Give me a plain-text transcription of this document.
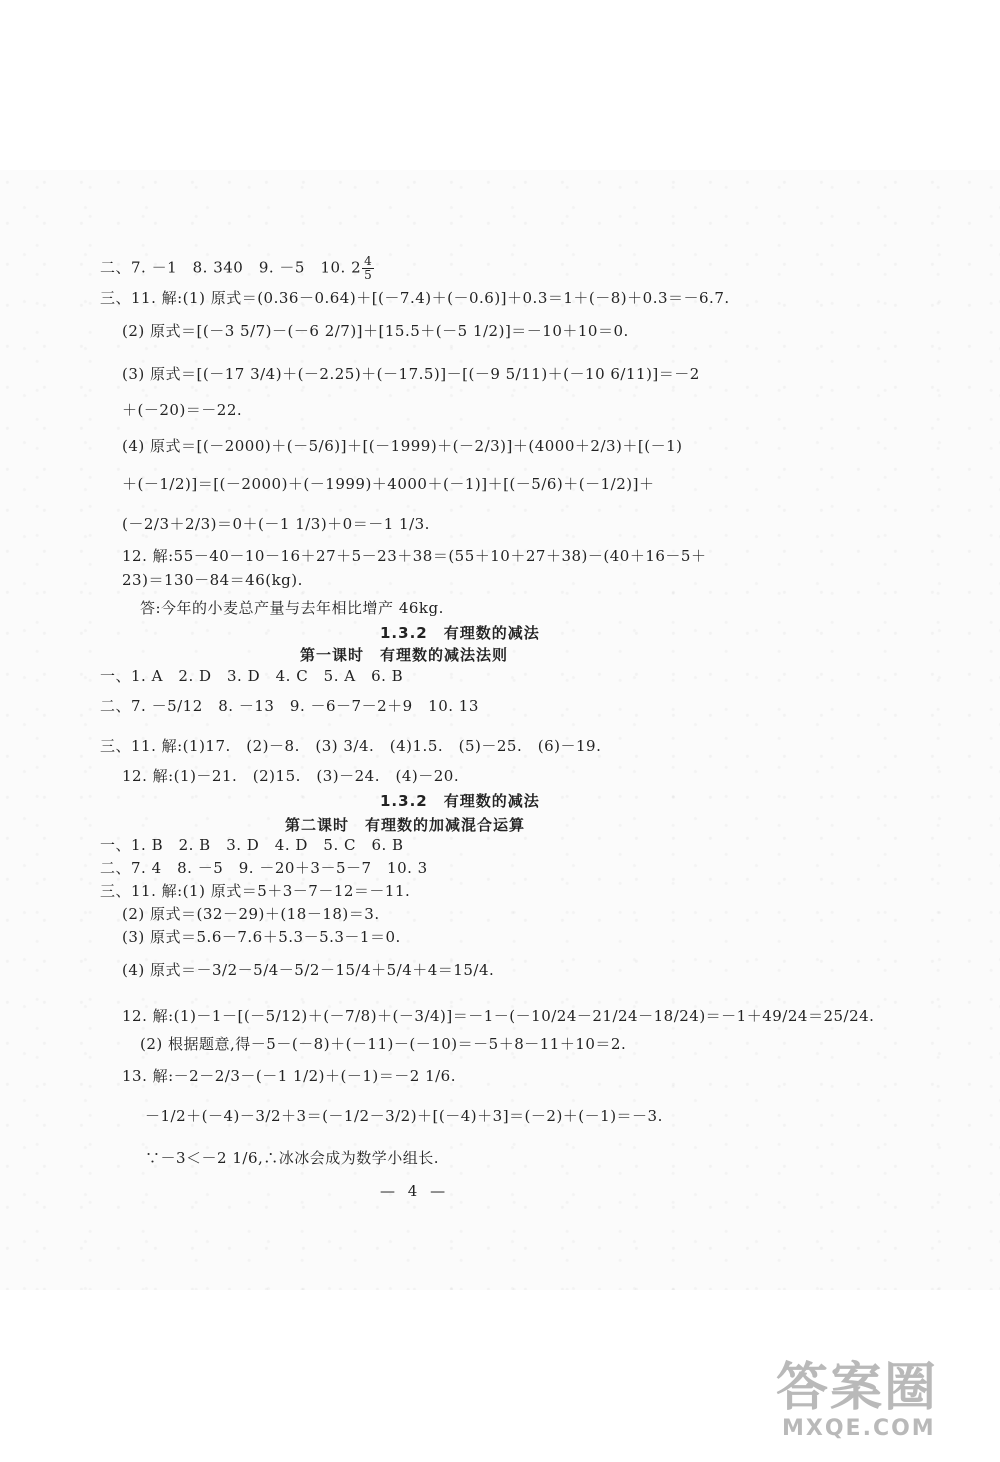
二、7. －1　8. 340　9. －5　10. $2 \frac{4}{5}$
三、11. 解:(1) 原式＝(0.36－0.64)＋[(－7.4)＋(－0.6)]＋0.3＝1＋(－8)＋0.3＝－6.7.
(2) 原式＝[(－3 5/7)－(－6 2/7)]＋[15.5＋(－5 1/2)]＝－10＋10＝0.
(3) 原式＝[(－17 3/4)＋(－2.25)＋(－17.5)]－[(－9 5/11)＋(－10 6/11)]＝－2
＋(－20)＝－22.
(4) 原式＝[(－2000)＋(－5/6)]＋[(－1999)＋(－2/3)]＋(4000＋2/3)＋[(－1)
＋(－1/2)]＝[(－2000)＋(－1999)＋4000＋(－1)]＋[(－5/6)＋(－1/2)]＋
(－2/3＋2/3)＝0＋(－1 1/3)＋0＝－1 1/3.
12. 解:55－40－10－16＋27＋5－23＋38＝(55＋10＋27＋38)－(40＋16－5＋
23)＝130－84＝46(kg).
答:今年的小麦总产量与去年相比增产 46kg.
1.3.2　有理数的减法
第一课时　有理数的减法法则
一、1. A　2. D　3. D　4. C　5. A　6. B
二、7. －5/12　8. －13　9. －6－7－2＋9　10. 13
三、11. 解:(1)17.　(2)－8.　(3) 3/4.　(4)1.5.　(5)－25.　(6)－19.
12. 解:(1)－21.　(2)15.　(3)－24.　(4)－20.
1.3.2　有理数的减法
第二课时　有理数的加减混合运算
一、1. B　2. B　3. D　4. D　5. C　6. B
二、7. 4　8. －5　9. －20＋3－5－7　10. 3
三、11. 解:(1) 原式＝5＋3－7－12＝－11.
(2) 原式＝(32－29)＋(18－18)＝3.
(3) 原式＝5.6－7.6＋5.3－5.3－1＝0.
(4) 原式＝－3/2－5/4－5/2－15/4＋5/4＋4＝15/4.
12. 解:(1)－1－[(－5/12)＋(－7/8)＋(－3/4)]＝－1－(－10/24－21/24－18/24)＝－1＋49/24＝25/24.
(2) 根据题意,得－5－(－8)＋(－11)－(－10)＝－5＋8－11＋10＝2.
13. 解:－2－2/3－(－1 1/2)＋(－1)＝－2 1/6.
－1/2＋(－4)－3/2＋3＝(－1/2－3/2)＋[(－4)＋3]＝(－2)＋(－1)＝－3.
∵－3＜－2 1/6,∴冰冰会成为数学小组长.
— 4 —
答案圈
MXQE.COM
